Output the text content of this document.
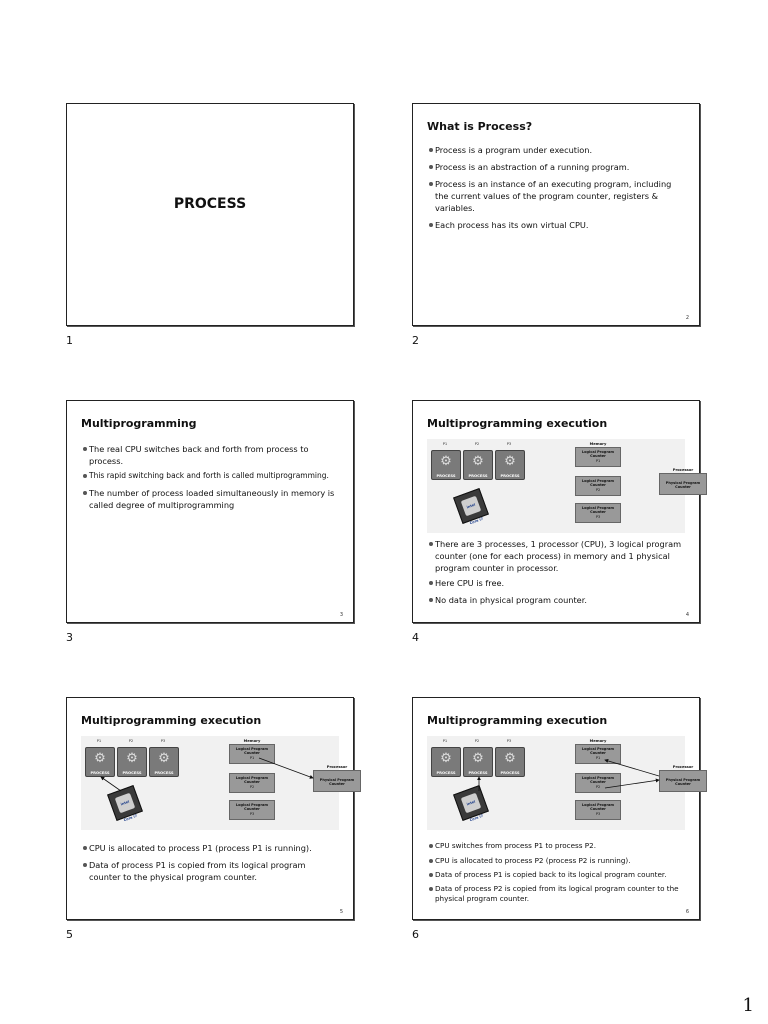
PROCESS
1
What is Process?
Process is a program under execution.
Process is an abstraction of a running program.
Process is an instance of an executing program, including the current values of the program counter, registers & variables.
Each process has its own virtual CPU.
2
2
Multiprogramming
The real CPU switches back and forth from process to process.
This rapid switching back and forth is called multiprogramming.
The number of process loaded simultaneously in memory is called degree of multiprogramming
3
3
Multiprogramming execution
P1
⚙
PROCESS
P2
⚙
PROCESS
P3
⚙
PROCESS
intel Core i7
Memory
Logical Program Counter
P1
Logical Program Counter
P2
Logical Program Counter
P3
Processor
Physical Program Counter
There are 3 processes, 1 processor (CPU), 3 logical program counter (one for each process) in memory and 1 physical program counter in processor.
Here CPU is free.
No data in physical program counter.
4
4
Multiprogramming execution
P1
⚙
PROCESS
P2
⚙
PROCESS
P3
⚙
PROCESS
intel Core i7
Memory
Logical Program Counter
P1
Logical Program Counter
P2
Logical Program Counter
P3
Processor
Physical Program Counter
CPU is allocated to process P1 (process P1 is running).
Data of process P1 is copied from its logical program counter to the physical program counter.
5
5
Multiprogramming execution
P1
⚙
PROCESS
P2
⚙
PROCESS
P3
⚙
PROCESS
intel Core i7
Memory
Logical Program Counter
P1
Logical Program Counter
P2
Logical Program Counter
P3
Processor
Physical Program Counter
CPU switches from process P1 to process P2.
CPU is allocated to process P2 (process P2 is running).
Data of process P1 is copied back to its logical program counter.
Data of process P2 is copied from its logical program counter to the physical program counter.
6
6
1
